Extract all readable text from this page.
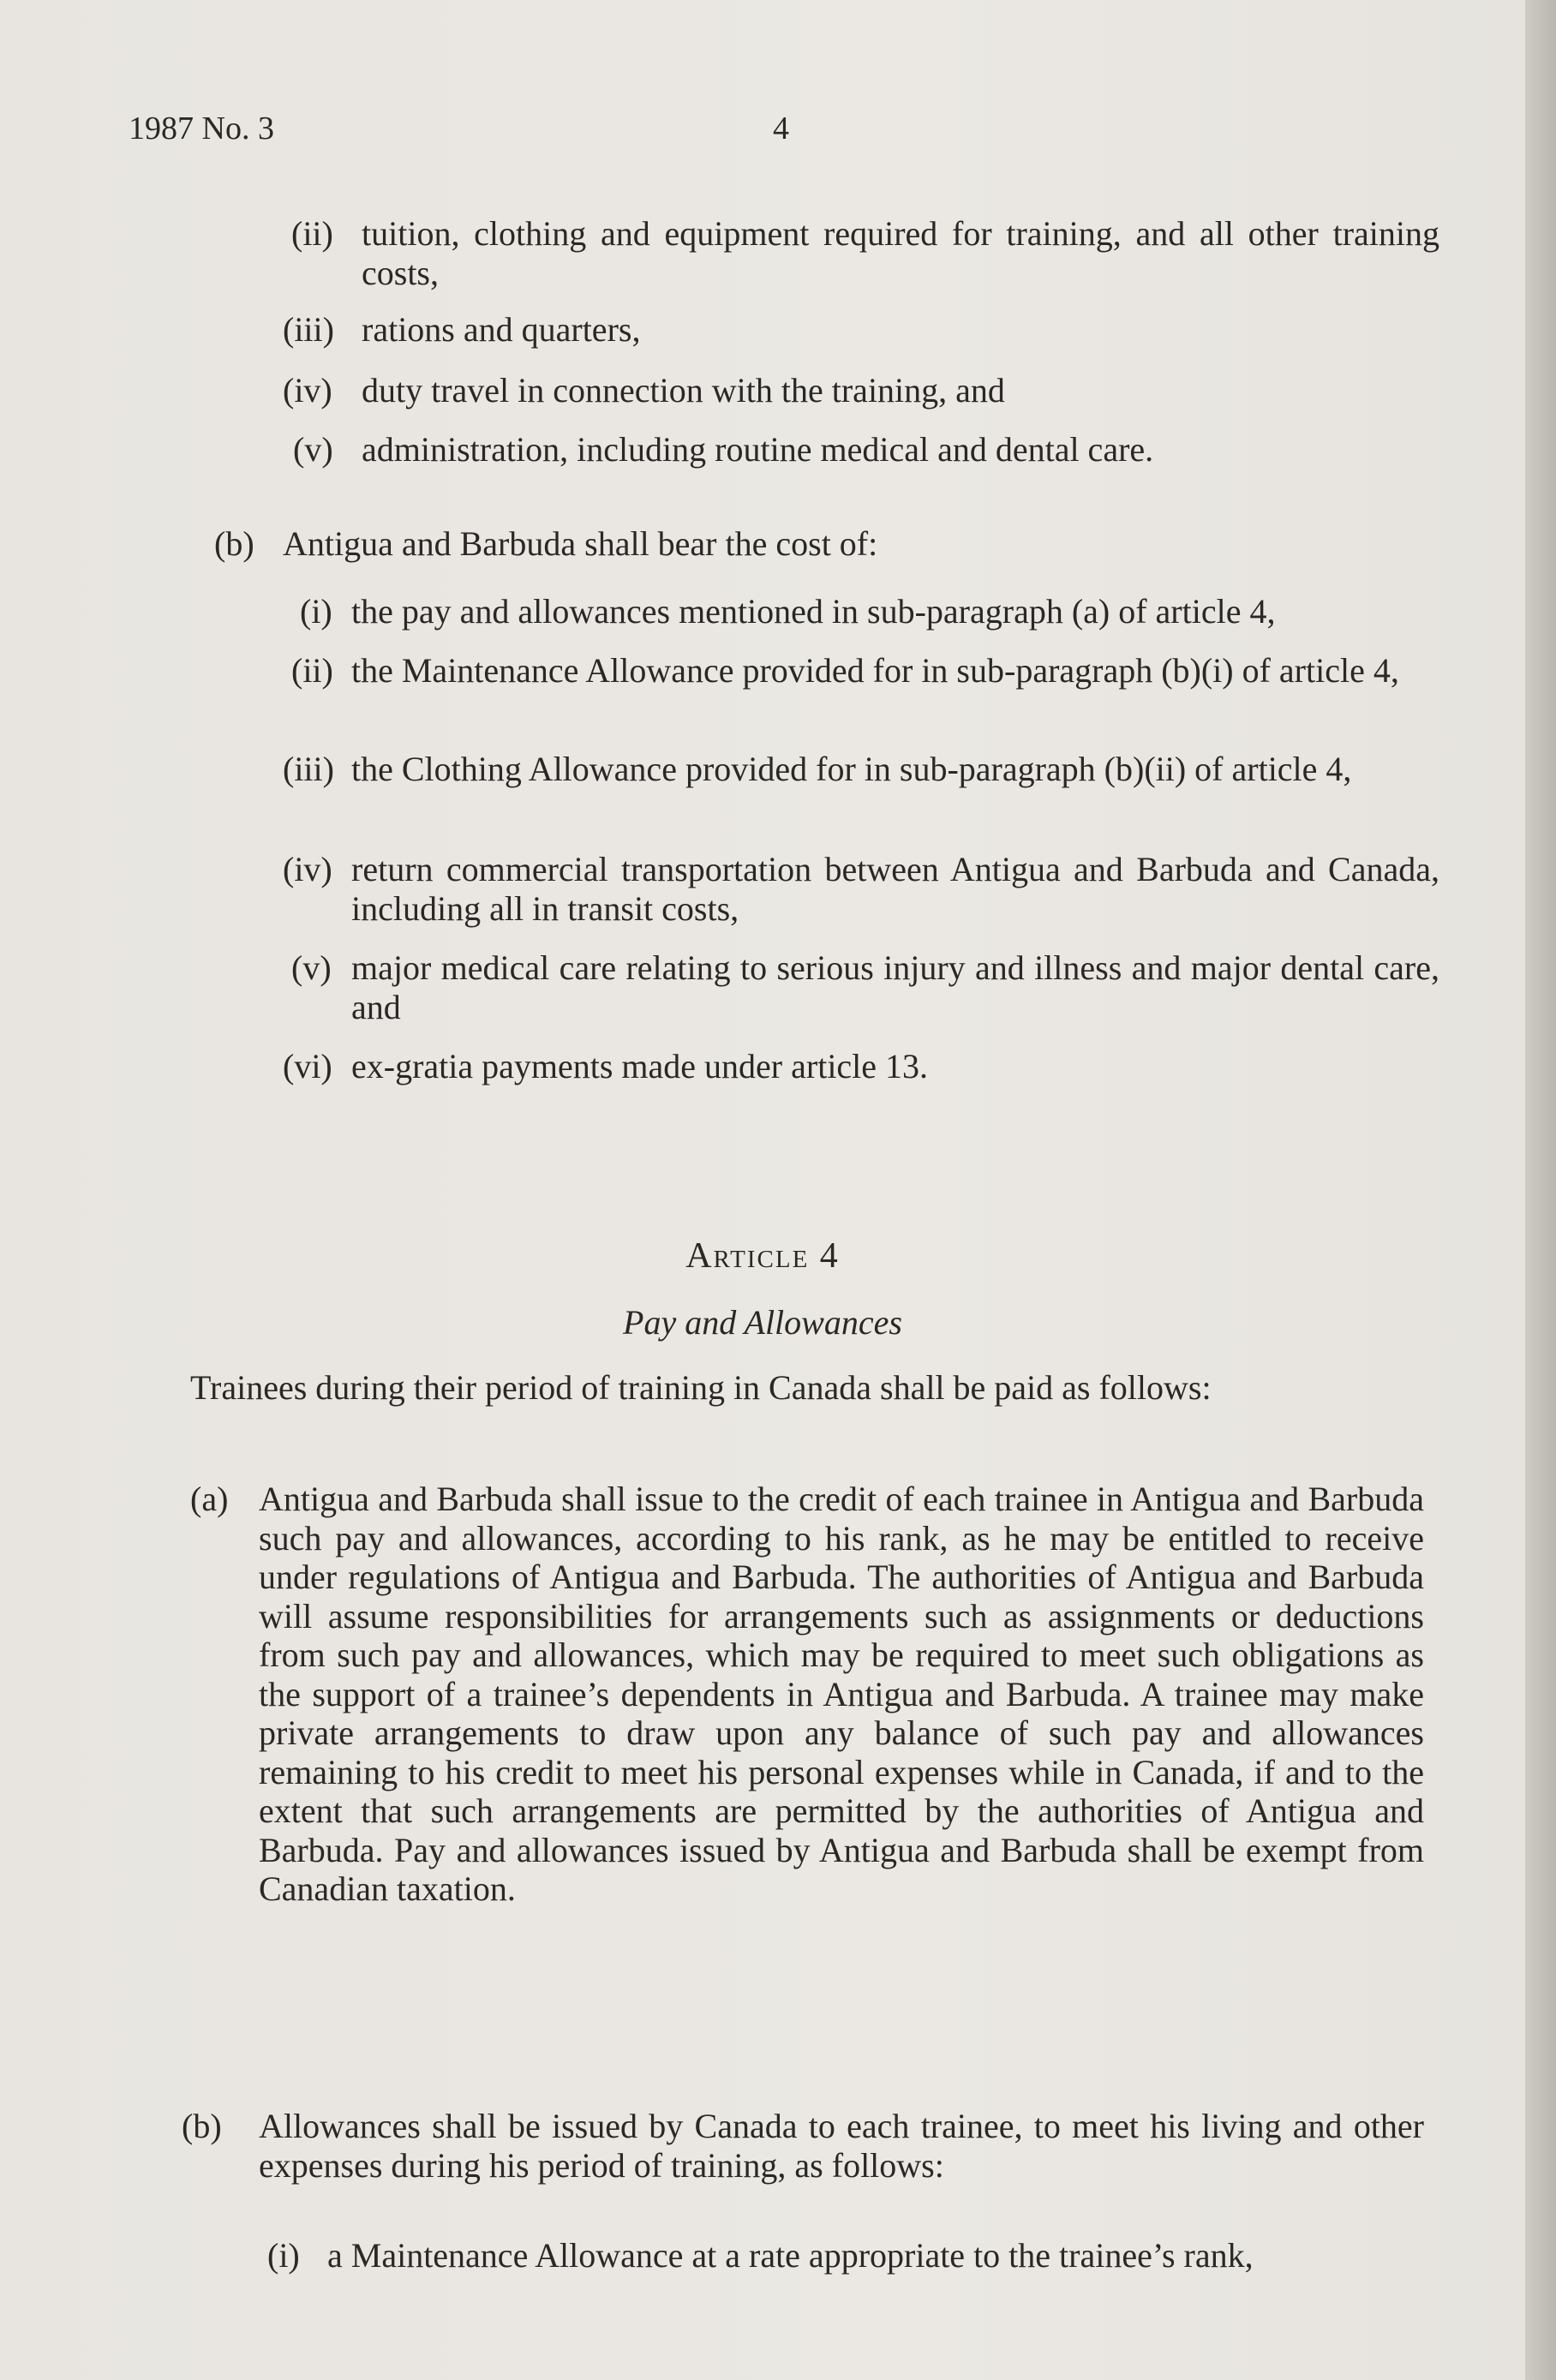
1987 No. 3	4
(ii) tuition, clothing and equipment required for training, and all other training costs,
(iii) rations and quarters,
(iv) duty travel in connection with the training, and
(v) administration, including routine medical and dental care.
(b) Antigua and Barbuda shall bear the cost of:
(i) the pay and allowances mentioned in sub-paragraph (a) of article 4,
(ii) the Maintenance Allowance provided for in sub-paragraph (b)(i) of article 4,
(iii) the Clothing Allowance provided for in sub-paragraph (b)(ii) of article 4,
(iv) return commercial transportation between Antigua and Barbuda and Canada, including all in transit costs,
(v) major medical care relating to serious injury and illness and major dental care, and
(vi) ex-gratia payments made under article 13.
Article 4
Pay and Allowances
Trainees during their period of training in Canada shall be paid as follows:
(a) Antigua and Barbuda shall issue to the credit of each trainee in Antigua and Barbuda such pay and allowances, according to his rank, as he may be entitled to receive under regulations of Antigua and Barbuda. The authorities of Antigua and Barbuda will assume responsibilities for arrangements such as assignments or deductions from such pay and allowances, which may be required to meet such obligations as the support of a trainee’s dependents in Antigua and Barbuda. A trainee may make private arrangements to draw upon any balance of such pay and allowances remaining to his credit to meet his personal expenses while in Canada, if and to the extent that such arrangements are permitted by the authorities of Antigua and Barbuda. Pay and allowances issued by Antigua and Barbuda shall be exempt from Canadian taxation.
(b) Allowances shall be issued by Canada to each trainee, to meet his living and other expenses during his period of training, as follows:
(i) a Maintenance Allowance at a rate appropriate to the trainee’s rank,
